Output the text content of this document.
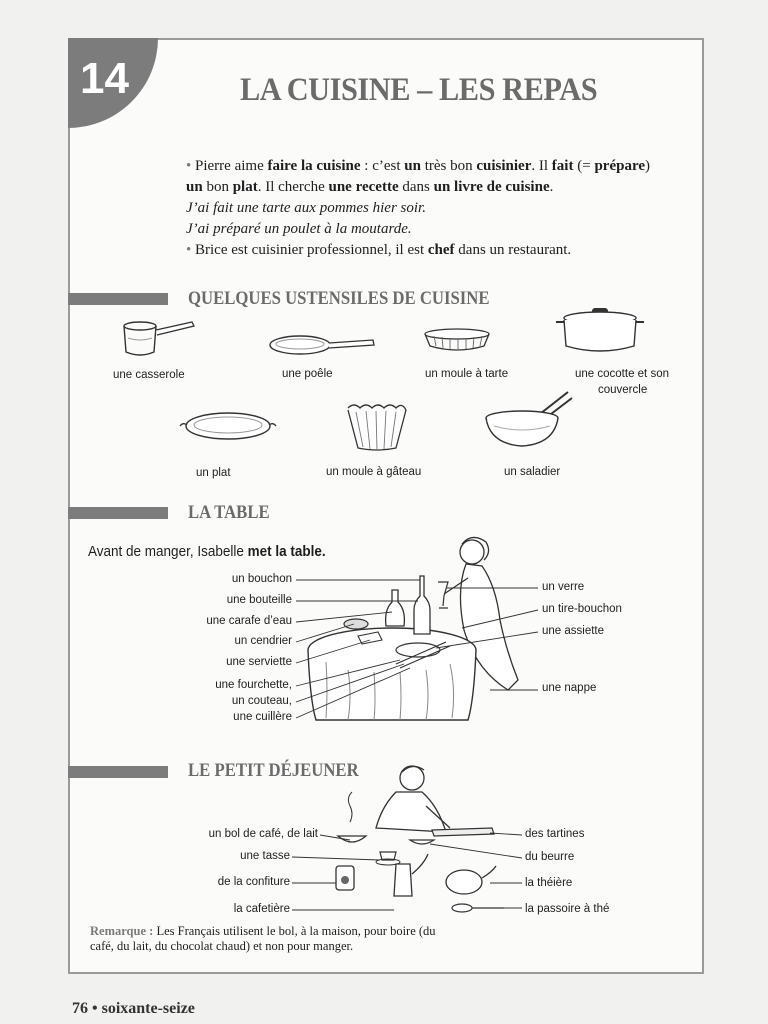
14	LA CUISINE – LES REPAS

• Pierre aime faire la cuisine : c’est un très bon cuisinier. Il fait (= prépare)

un bon plat. Il cherche une recette dans un livre de cuisine.

J’ai fait une tarte aux pommes hier soir.

J’ai préparé un poulet à la moutarde.

• Brice est cuisinier professionnel, il est chef dans un restaurant.

QUELQUES USTENSILES DE CUISINE
une casserole	une poêle	un moule à tarte	une cocotte et son
couvercle
un plat	un moule à gâteau	un saladier
LA TABLE
Avant de manger, Isabelle met la table.
un bouchon
une bouteille
une carafe d’eau
un cendrier
une serviette
une fourchette,
un couteau,
une cuillère
un verre
un tire-bouchon
une assiette
une nappe
LE PETIT DÉJEUNER
un bol de café, de lait
une tasse
de la confiture
la cafetière
des tartines
du beurre
la théière
la passoire à thé
Remarque : Les Français utilisent le bol, à la maison, pour boire (du café, du lait, du chocolat chaud) et non pour manger.
76 • soixante-seize
